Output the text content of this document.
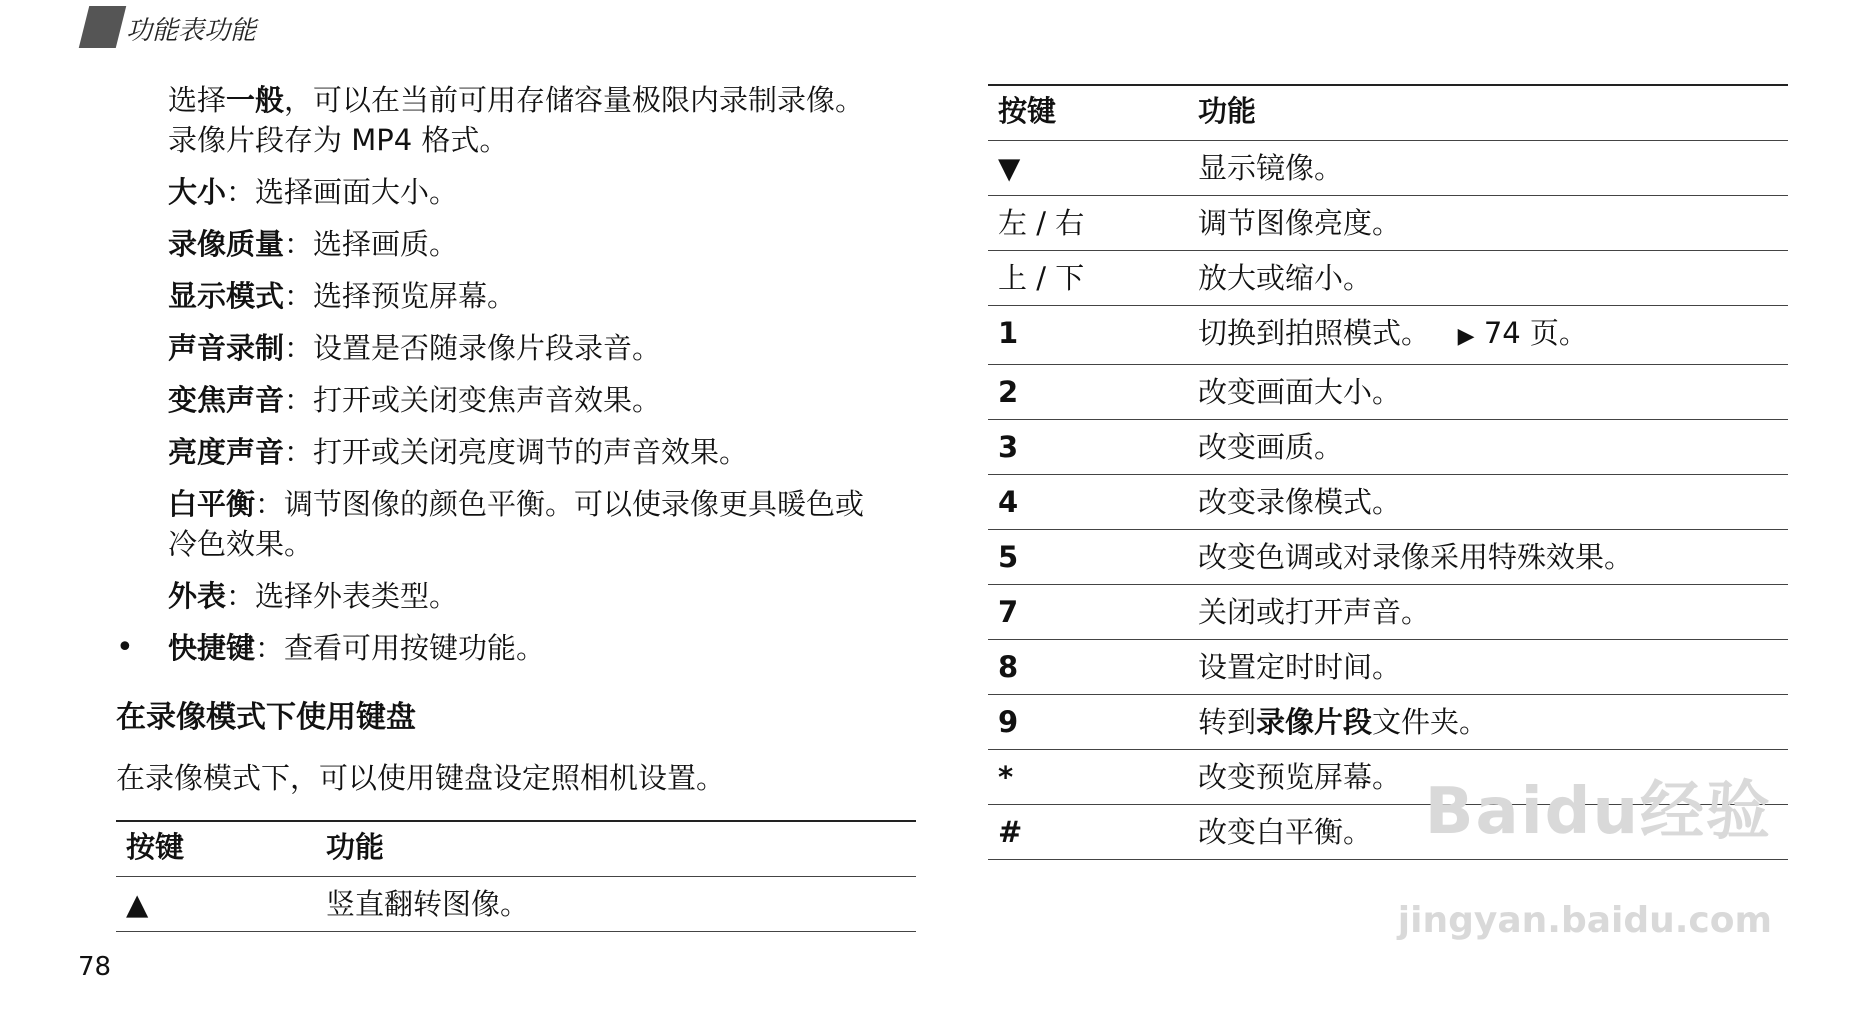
功能表功能

选择一般，可以在当前可用存储容量极限内录制录像。

录像片段存为 MP4 格式。

大小：选择画面大小。

录像质量：选择画质。

显示模式：选择预览屏幕。

声音录制：设置是否随录像片段录音。

变焦声音：打开或关闭变焦声音效果。

亮度声音：打开或关闭亮度调节的声音效果。

白平衡：调节图像的颜色平衡。可以使录像更具暖色或

冷色效果。

外表：选择外表类型。

•	快捷键：查看可用按键功能。

在录像模式下使用键盘

在录像模式下，可以使用键盘设定照相机设置。

按键	功能
▲	竖直翻转图像。
按键	功能
▼	显示镜像。
左 / 右	调节图像亮度。
上 / 下	放大或缩小。
1	切换到拍照模式。 ▶ 74 页。
2	改变画面大小。
3	改变画质。
4	改变录像模式。
5	改变色调或对录像采用特殊效果。
7	关闭或打开声音。
8	设置定时时间。
9	转到录像片段文件夹。
*	改变预览屏幕。
#	改变白平衡。
78
Baidu经验
jingyan.baidu.com
